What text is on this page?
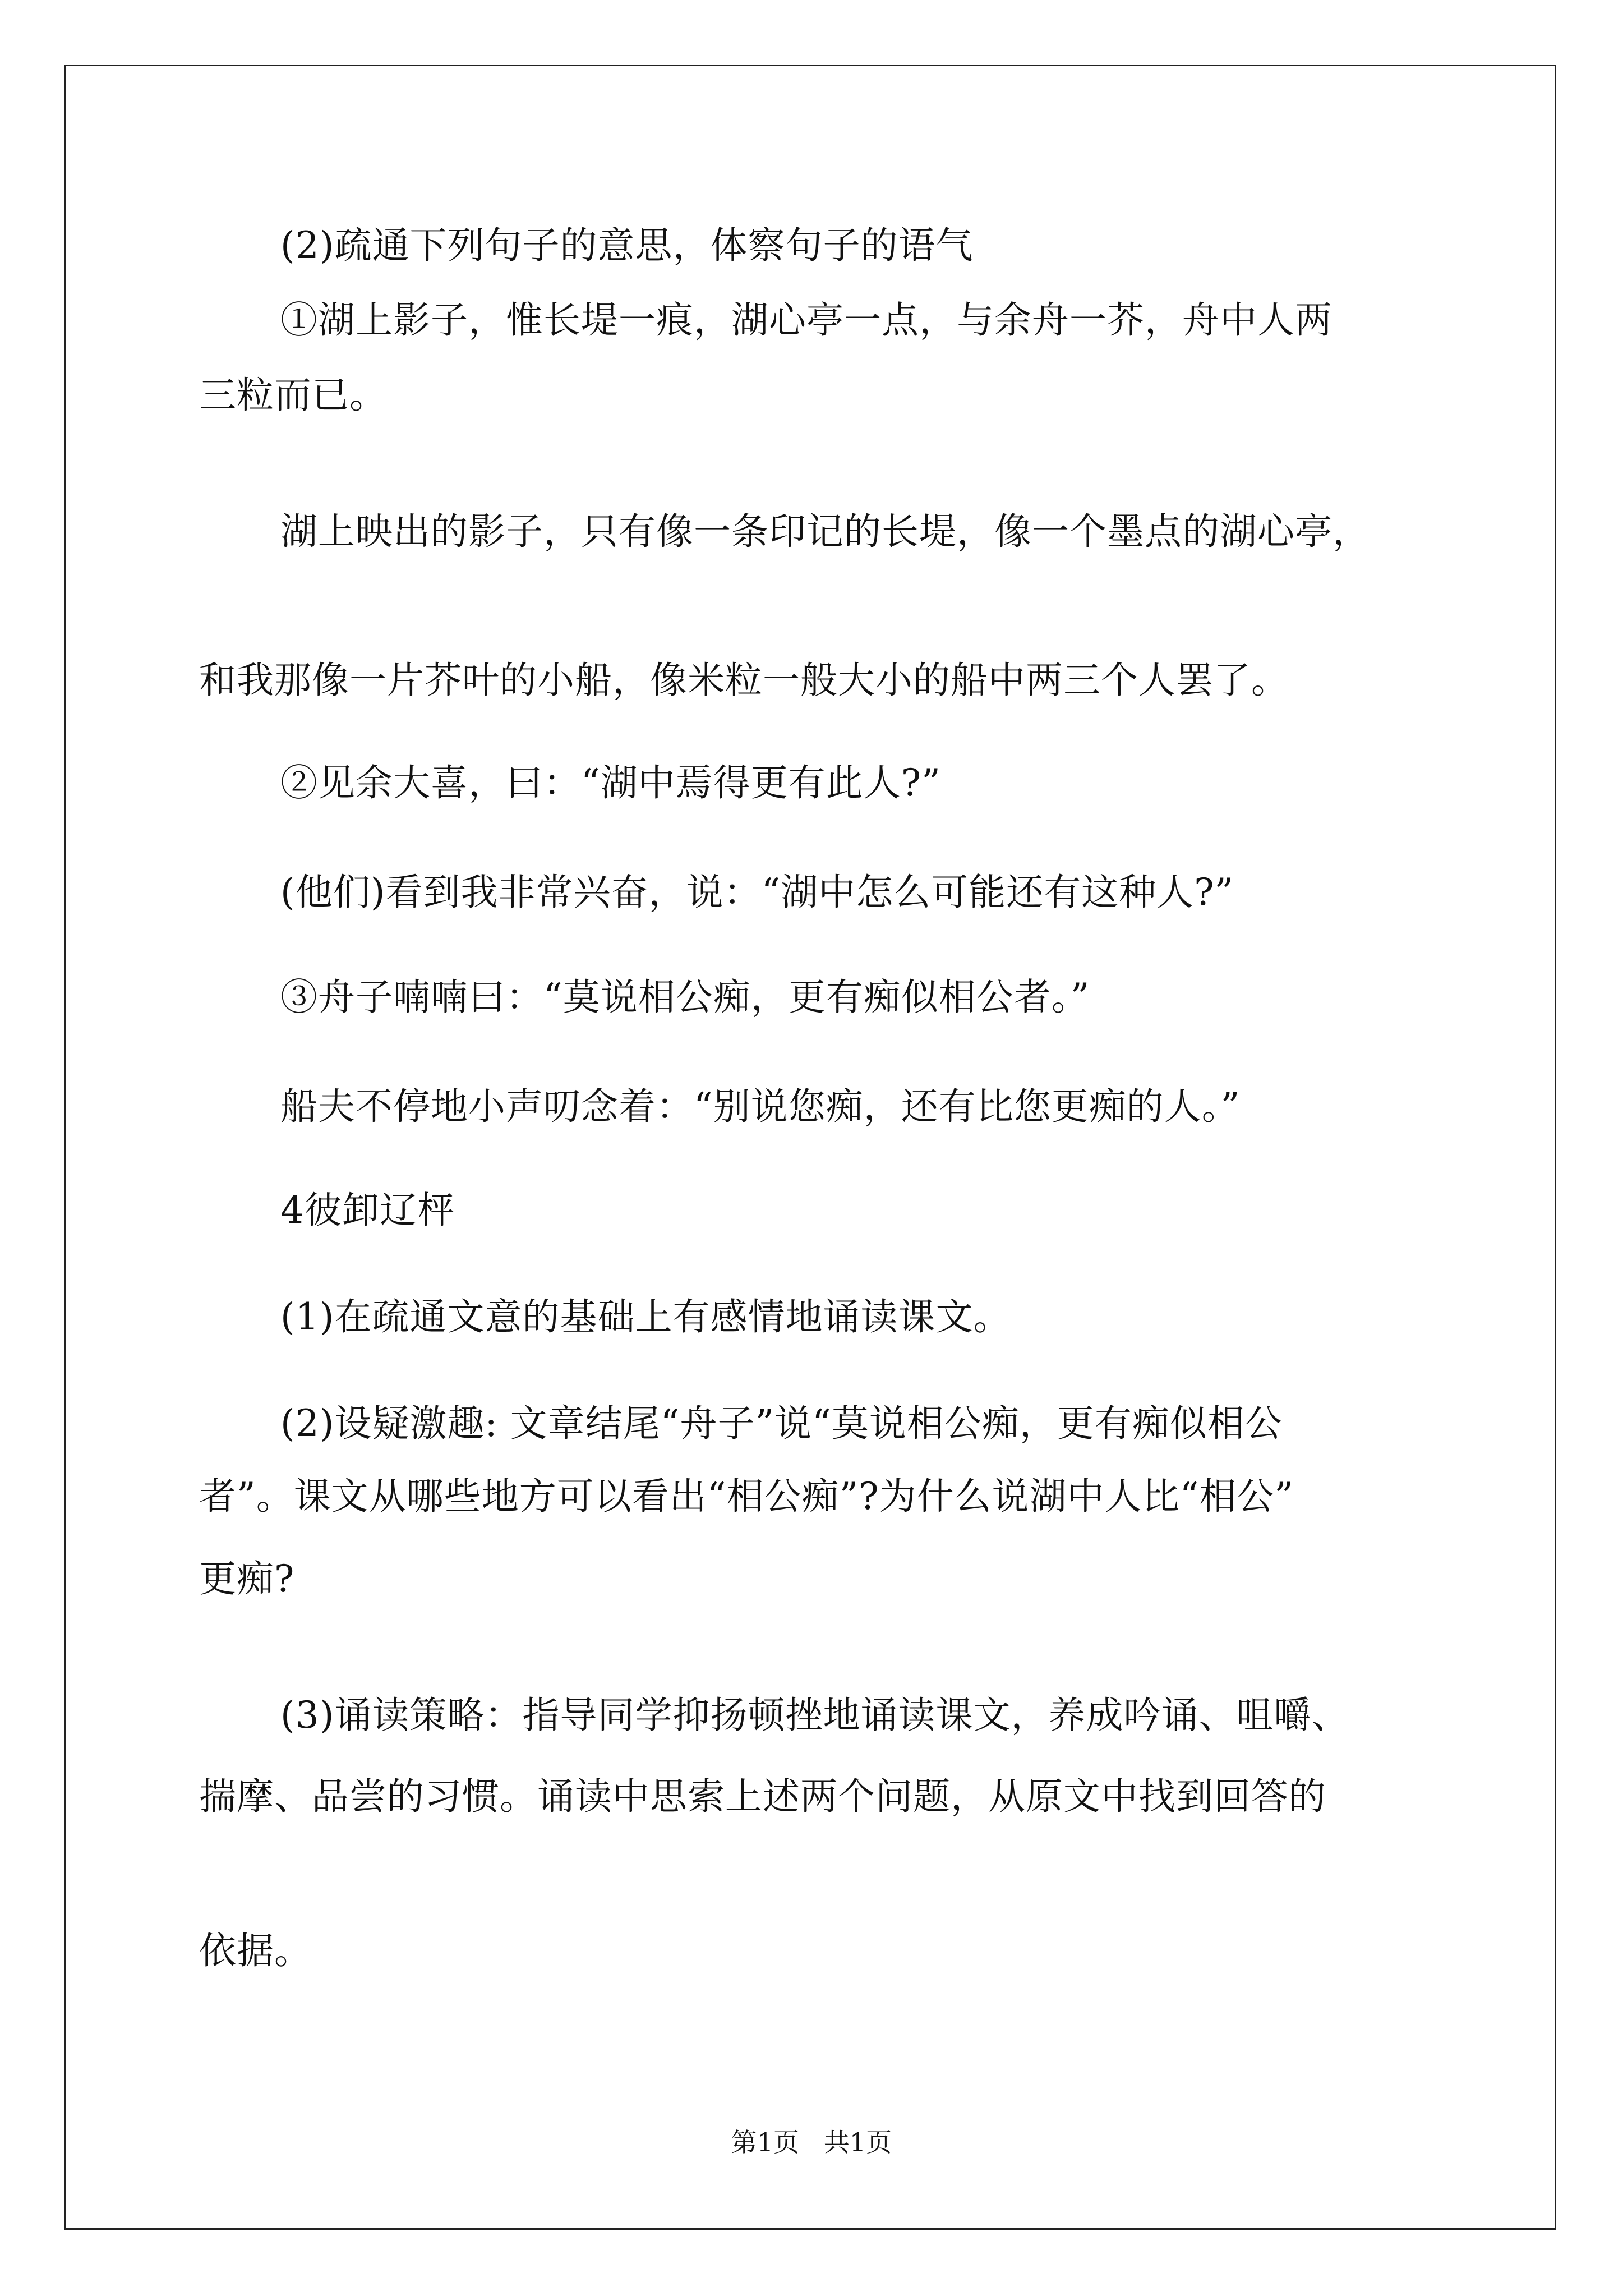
(2)疏通下列句子的意思，体察句子的语气
①湖上影子，惟长堤一痕，湖心亭一点，与余舟一芥，舟中人两
三粒而已。
湖上映出的影子，只有像一条印记的长堤，像一个墨点的湖心亭，
和我那像一片芥叶的小船，像米粒一般大小的船中两三个人罢了。
②见余大喜，曰：“湖中焉得更有此人?”
(他们)看到我非常兴奋，说：“湖中怎么可能还有这种人?”
③舟子喃喃曰：“莫说相公痴，更有痴似相公者。”
船夫不停地小声叨念着：“别说您痴，还有比您更痴的人。”
4彼卸辽枰
(1)在疏通文意的基础上有感情地诵读课文。
(2)设疑激趣: 文章结尾“舟子”说“莫说相公痴，更有痴似相公
者”。课文从哪些地方可以看出“相公痴”?为什么说湖中人比“相公”
更痴?
(3)诵读策略：指导同学抑扬顿挫地诵读课文，养成吟诵、咀嚼、
揣摩、品尝的习惯。诵读中思索上述两个问题，从原文中找到回答的
依据。
第1页   共1页
